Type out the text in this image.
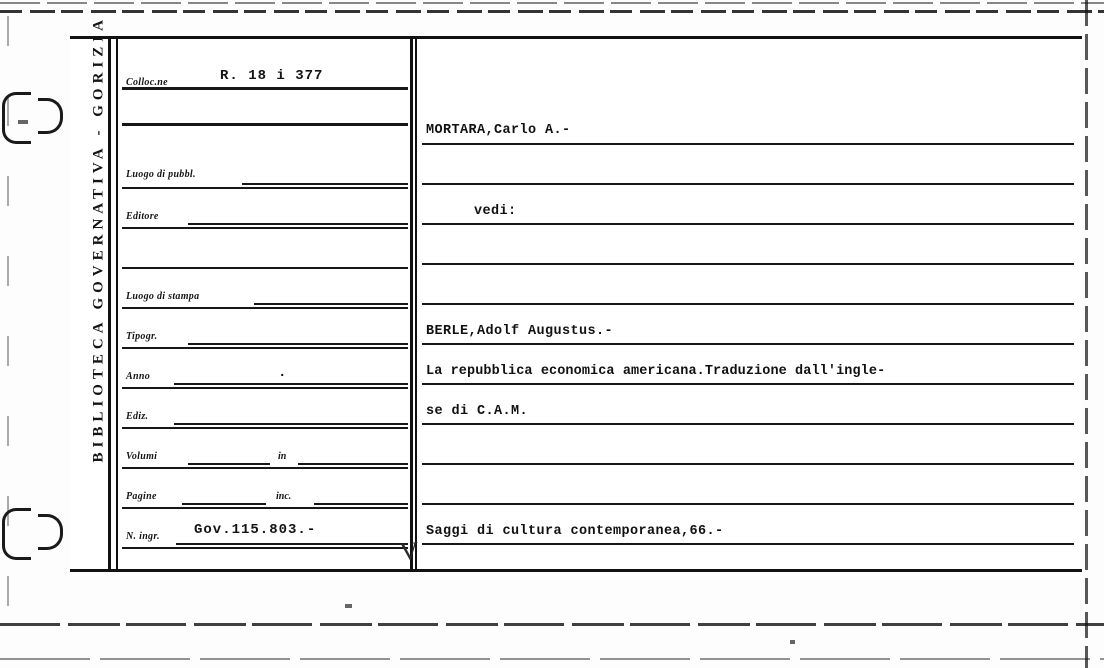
BIBLIOTECA GOVERNATIVA - GORIZIA Colloc.ne	R. 18 i 377
Luogo di pubbl.
Editore
Luogo di stampa
Tipogr.
Anno	.
Ediz.
Volumi	in
Pagine	inc.
N. ingr. Gov.115.803.-
MORTARA,Carlo A.-
vedi:
BERLE,Adolf Augustus.-
La repubblica economica americana.Traduzione dall'ingle-
se di C.A.M.
Saggi di cultura contemporanea,66.-
V
